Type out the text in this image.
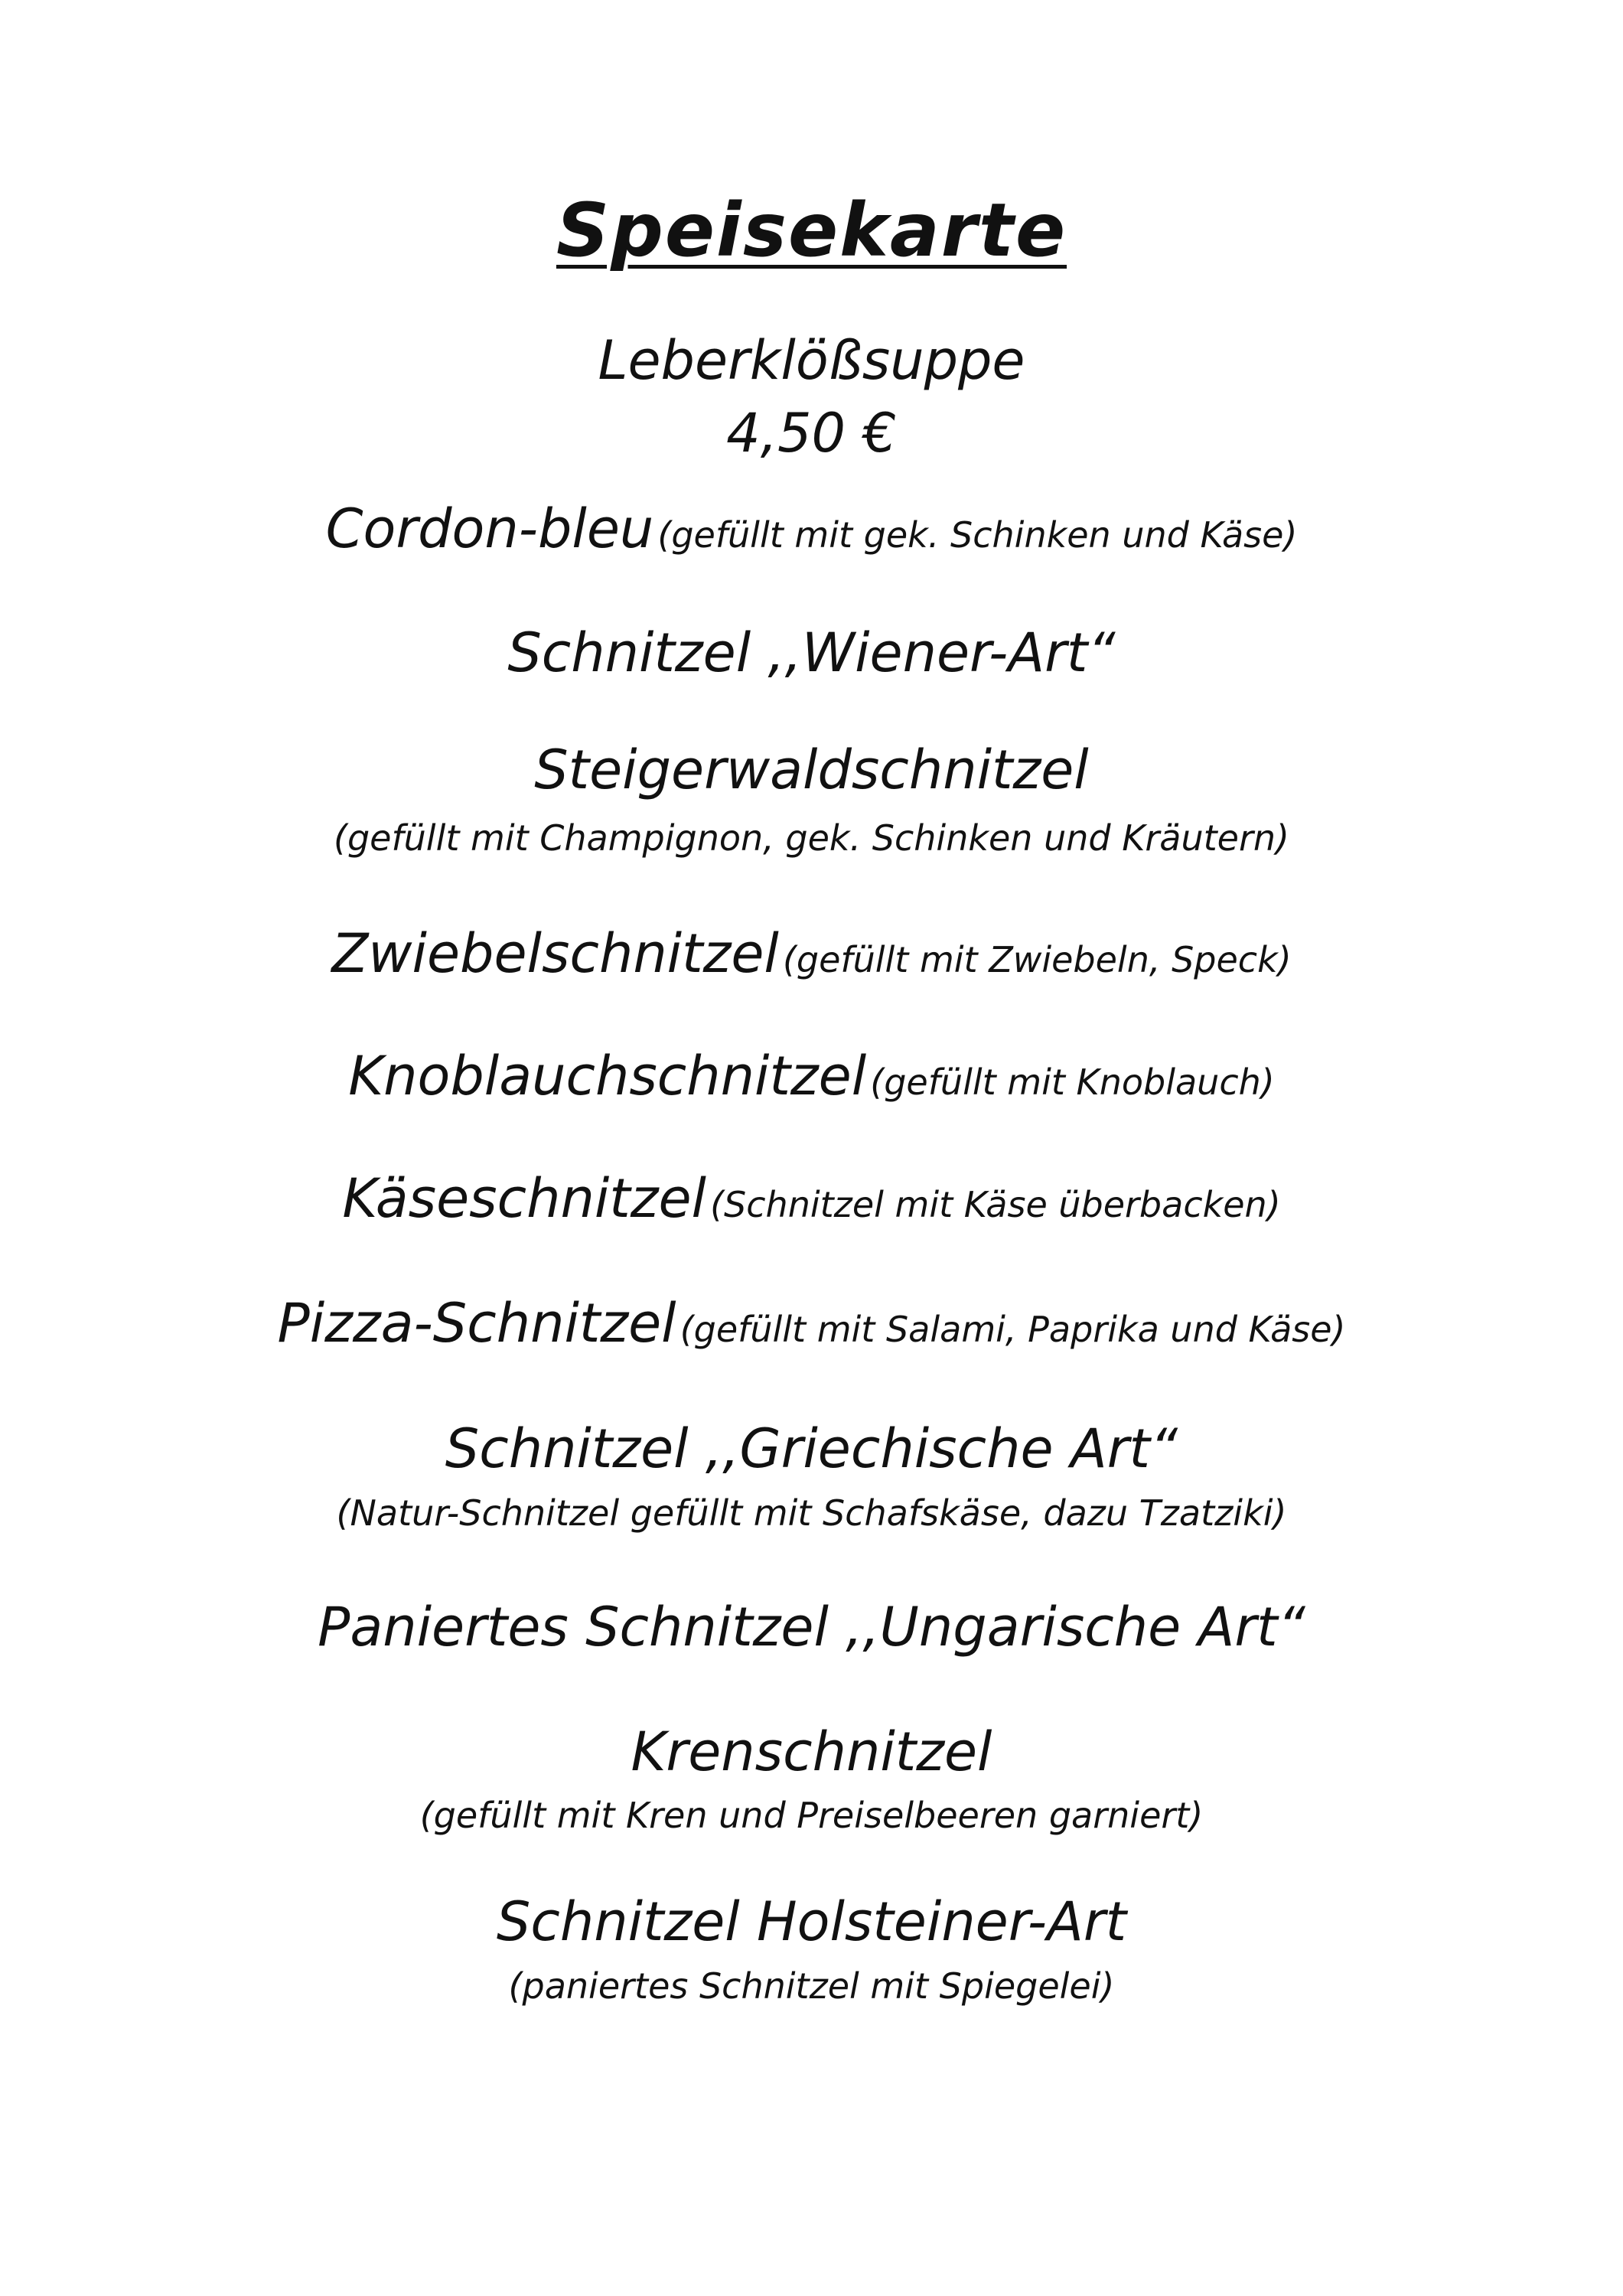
Speisekarte
Leberklößsuppe
4,50 €
Cordon-bleu (gefüllt mit gek. Schinken und Käse)
Schnitzel ,,Wiener-Art“
Steigerwaldschnitzel
(gefüllt mit Champignon, gek. Schinken und Kräutern)
Zwiebelschnitzel (gefüllt mit Zwiebeln, Speck)
Knoblauchschnitzel (gefüllt mit Knoblauch)
Käseschnitzel (Schnitzel mit Käse überbacken)
Pizza-Schnitzel (gefüllt mit Salami, Paprika und Käse)
Schnitzel ,,Griechische Art“
(Natur-Schnitzel gefüllt mit Schafskäse, dazu Tzatziki)
Paniertes Schnitzel ,,Ungarische Art“
Krenschnitzel
(gefüllt mit Kren und Preiselbeeren garniert)
Schnitzel Holsteiner-Art
(paniertes Schnitzel mit Spiegelei)
